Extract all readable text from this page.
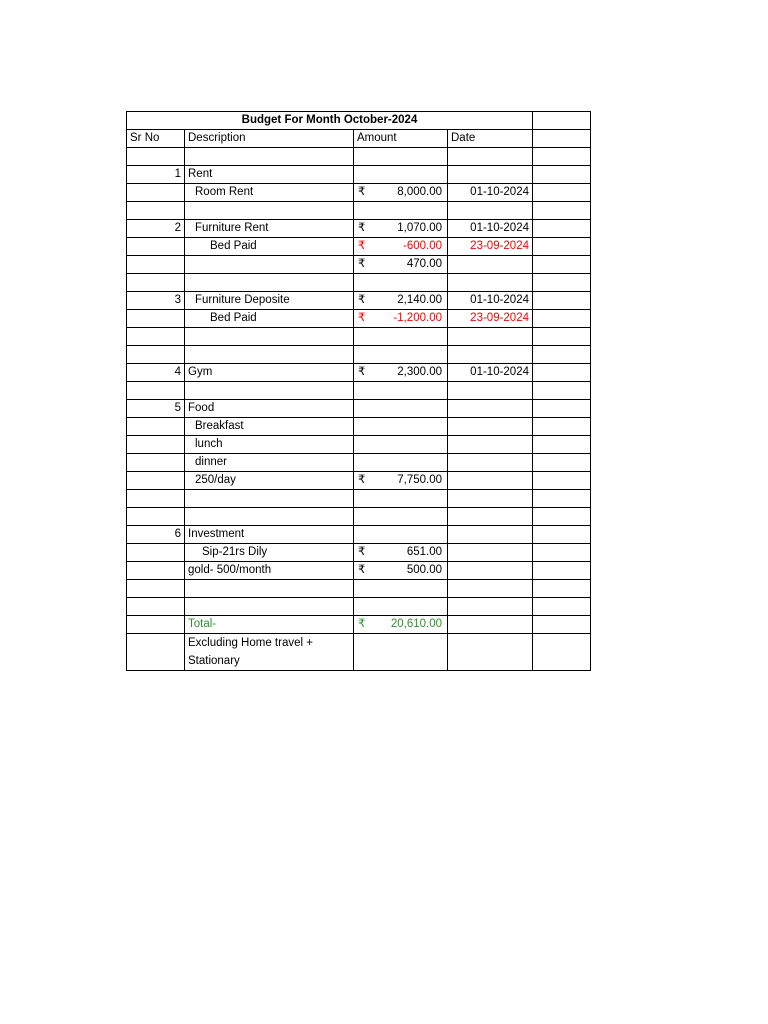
Budget For Month October-2024				
Sr No	Description	Amount	Date	

1	Rent			
	Room Rent	₹ 8,000.00	01-10-2024	

2	Furniture Rent	₹ 1,070.00	01-10-2024	
	Bed Paid	₹ -600.00	23-09-2024	

		₹ 470.00		

3	Furniture Deposite	₹ 2,140.00	01-10-2024	
	Bed Paid	₹ -1,200.00	23-09-2024	

4	Gym	₹ 2,300.00	01-10-2024	

5	Food			
	Breakfast			
	lunch			
	dinner			
	250/day	₹ 7,750.00		

6	Investment			
	Sip-21rs Dily	₹ 651.00		
	gold- 500/month	₹ 500.00		

	Total-	₹ 20,610.00		
	Excluding Home travel + Stationary			
